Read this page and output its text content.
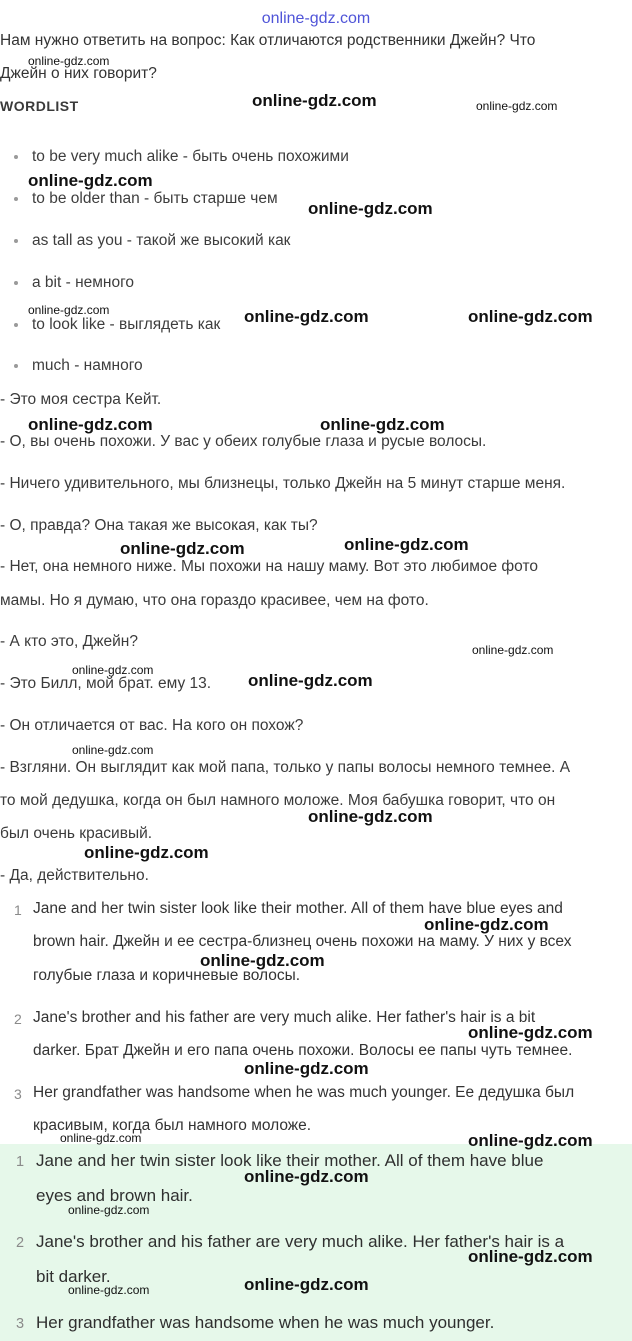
online-gdz.com
Нам нужно ответить на вопрос: Как отличаются родственники Джейн? Что
Джейн о них говорит?
WORDLIST
to be very much alike - быть очень похожими
to be older than - быть старше чем
as tall as you - такой же высокий как
a bit - немного
to look like - выглядеть как
much - намного
- Это моя сестра Кейт.
- О, вы очень похожи. У вас у обеих голубые глаза и русые волосы.
- Ничего удивительного, мы близнецы, только Джейн на 5 минут старше меня.
- О, правда? Она такая же высокая, как ты?
- Нет, она немного ниже. Мы похожи на нашу маму. Вот это любимое фото
мамы. Но я думаю, что она гораздо красивее, чем на фото.
- А кто это, Джейн?
- Это Билл, мой брат. ему 13.
- Он отличается от вас. На кого он похож?
- Взгляни. Он выглядит как мой папа, только у папы волосы немного темнее. А
то мой дедушка, когда он был намного моложе. Моя бабушка говорит, что он
был очень красивый.
- Да, действительно.
1 Jane and her twin sister look like their mother. All of them have blue eyes and
brown hair. Джейн и ее сестра-близнец очень похожи на маму. У них у всех
голубые глаза и коричневые волосы.
2 Jane's brother and his father are very much alike. Her father's hair is a bit
darker. Брат Джейн и его папа очень похожи. Волосы ее папы чуть темнее.
3 Her grandfather was handsome when he was much younger. Ее дедушка был
красивым, когда был намного моложе.
1 Jane and her twin sister look like their mother. All of them have blue
eyes and brown hair.
2 Jane's brother and his father are very much alike. Her father's hair is a
bit darker.
3 Her grandfather was handsome when he was much younger.
online-gdz.com
online-gdz.com	online-gdz.com
online-gdz.com
online-gdz.com
online-gdz.com	online-gdz.com	online-gdz.com
online-gdz.com	online-gdz.com
online-gdz.com	online-gdz.com
online-gdz.com
online-gdz.com
online-gdz.com
online-gdz.com
online-gdz.com
online-gdz.com
online-gdz.com
online-gdz.com
online-gdz.com
online-gdz.com
online-gdz.com	online-gdz.com
online-gdz.com
online-gdz.com
online-gdz.com
online-gdz.com	online-gdz.com
